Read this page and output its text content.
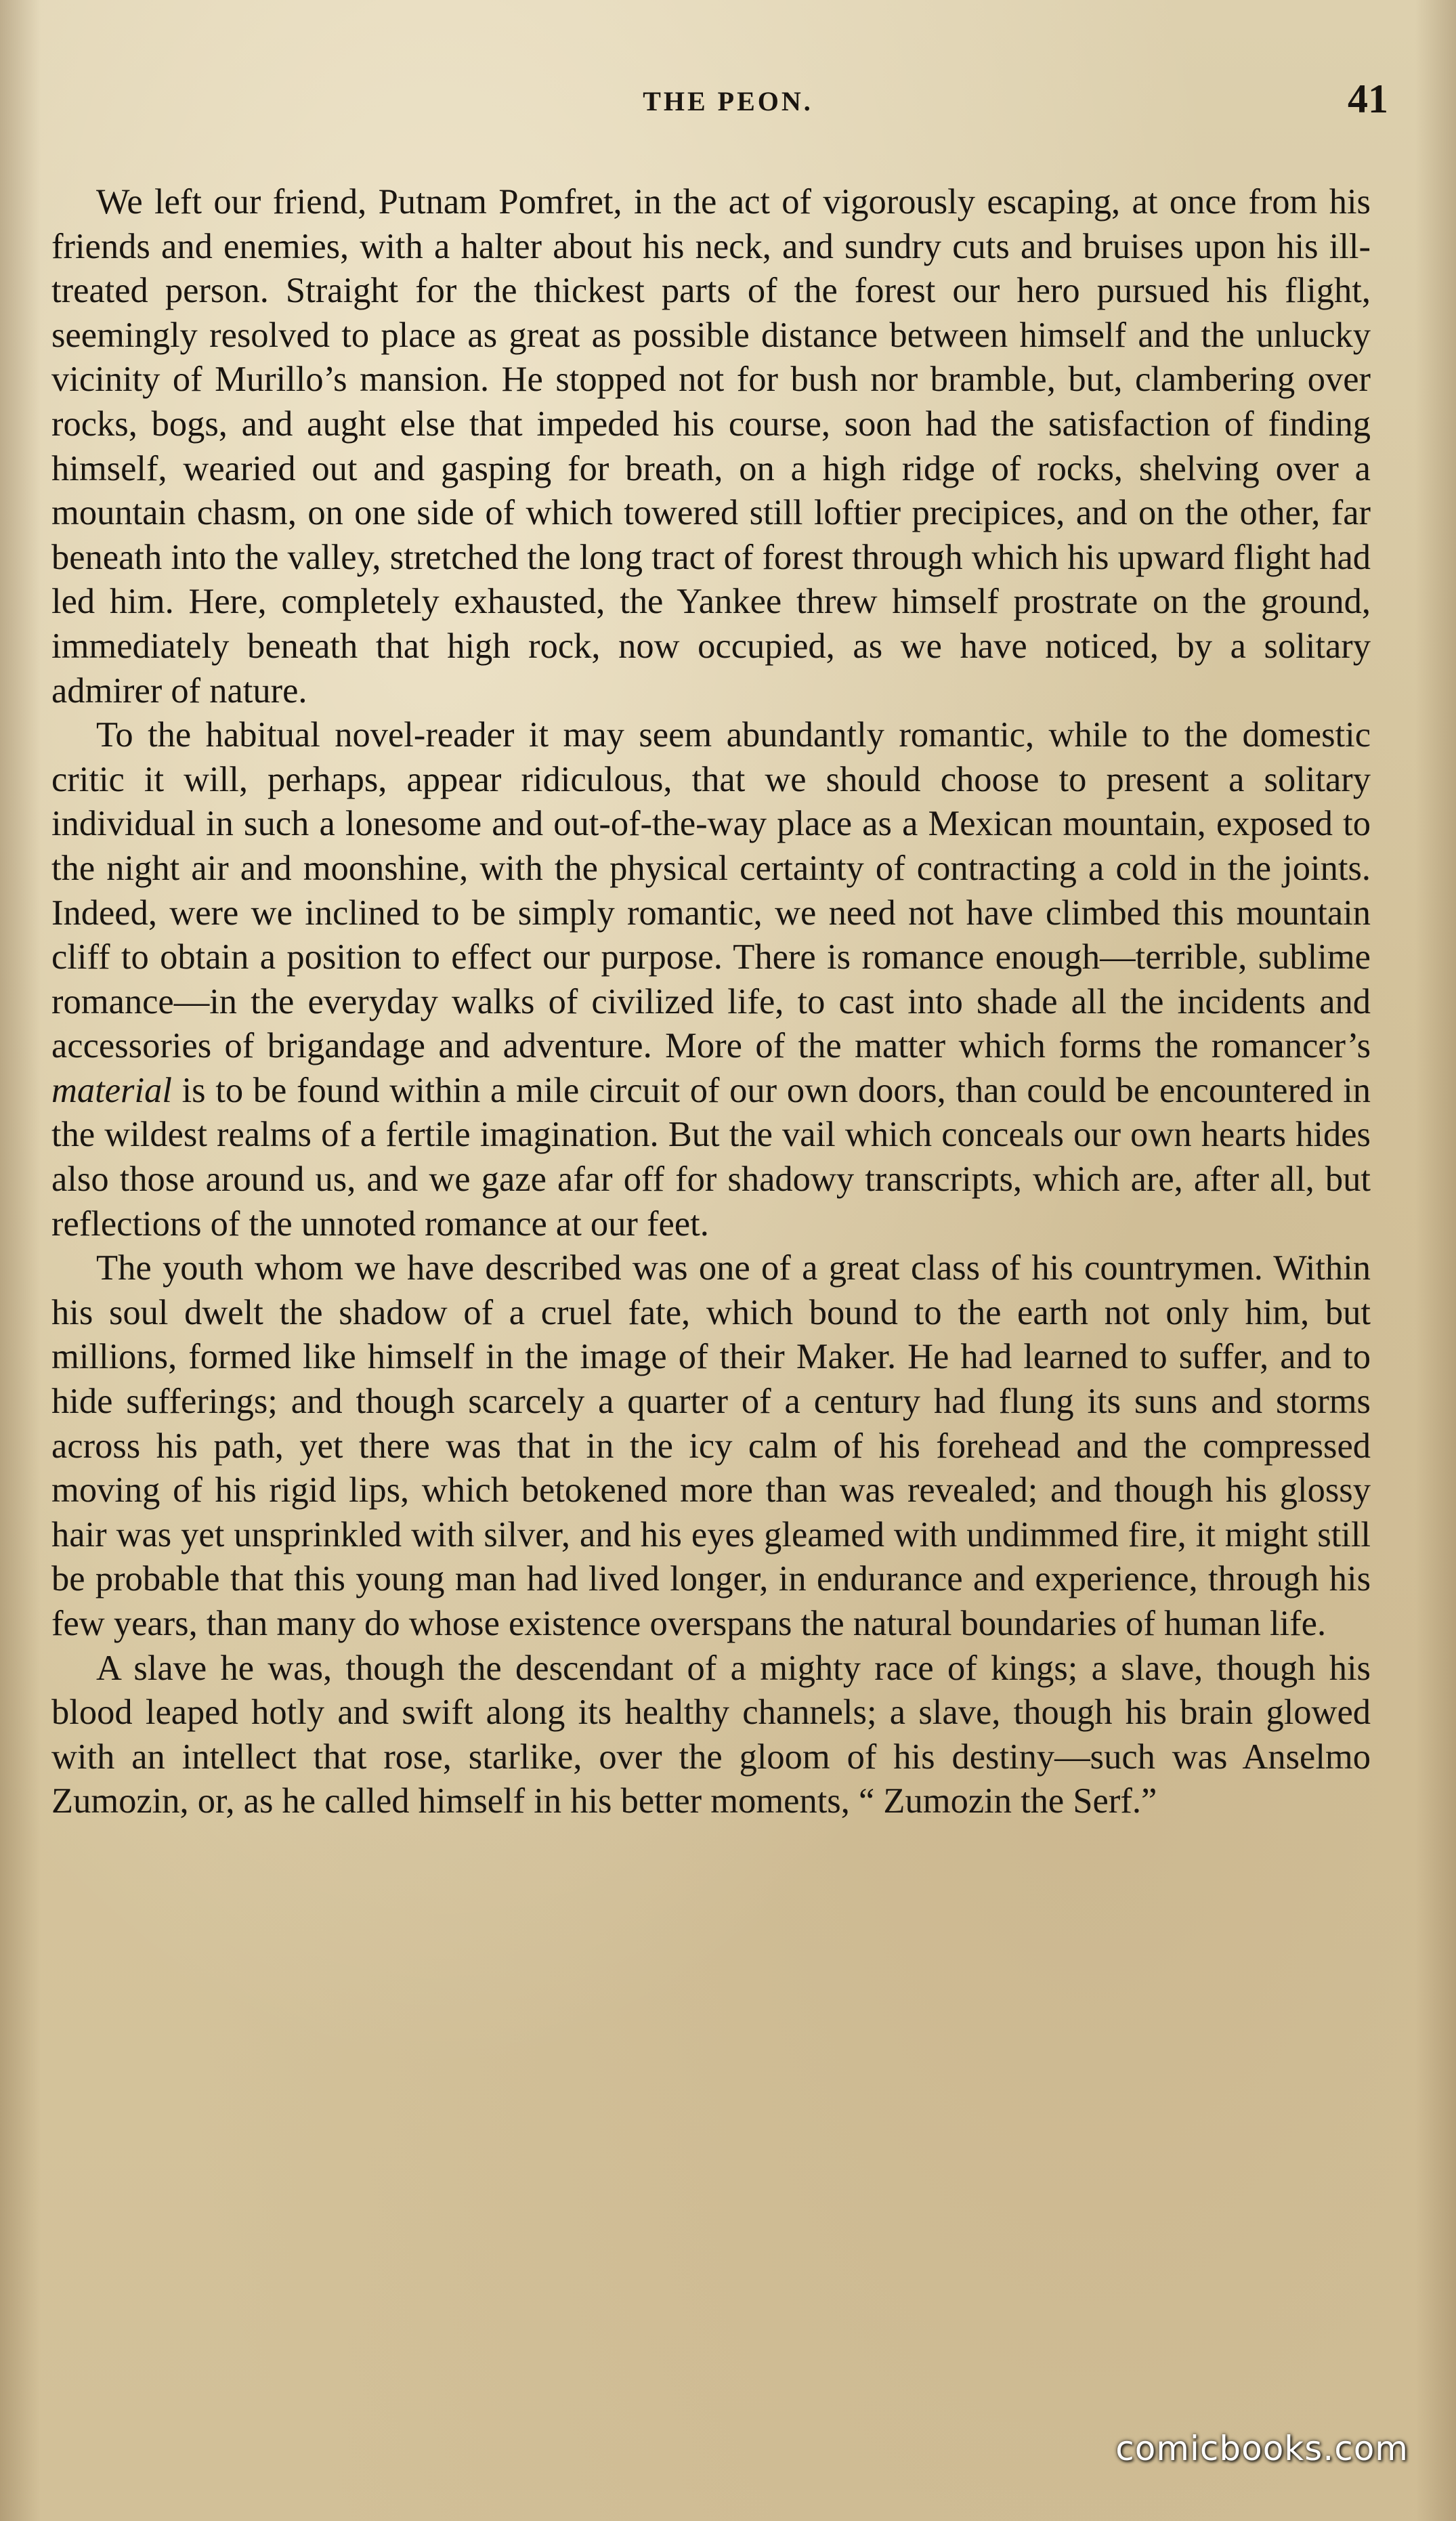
THE PEON.	41

We left our friend, Putnam Pomfret, in the act of vigorously escaping, at once from his friends and enemies, with a halter about his neck, and sundry cuts and bruises upon his ill-treated person. Straight for the thickest parts of the forest our hero pursued his flight, seemingly resolved to place as great as possible distance between himself and the unlucky vicinity of Murillo’s mansion. He stopped not for bush nor bramble, but, clambering over rocks, bogs, and aught else that impeded his course, soon had the satisfaction of finding himself, wearied out and gasping for breath, on a high ridge of rocks, shelving over a mountain chasm, on one side of which towered still loftier precipices, and on the other, far beneath into the valley, stretched the long tract of forest through which his upward flight had led him. Here, completely exhausted, the Yankee threw himself prostrate on the ground, immediately beneath that high rock, now occupied, as we have noticed, by a solitary admirer of nature.

To the habitual novel-reader it may seem abundantly romantic, while to the domestic critic it will, perhaps, appear ridiculous, that we should choose to present a solitary individual in such a lonesome and out-of-the-way place as a Mexican mountain, exposed to the night air and moonshine, with the physical certainty of contracting a cold in the joints. Indeed, were we inclined to be simply romantic, we need not have climbed this mountain cliff to obtain a position to effect our purpose. There is romance enough—terrible, sublime romance—in the everyday walks of civilized life, to cast into shade all the incidents and accessories of brigandage and adventure. More of the matter which forms the romancer’s material is to be found within a mile circuit of our own doors, than could be encountered in the wildest realms of a fertile imagination. But the vail which conceals our own hearts hides also those around us, and we gaze afar off for shadowy transcripts, which are, after all, but reflections of the unnoted romance at our feet.

The youth whom we have described was one of a great class of his countrymen. Within his soul dwelt the shadow of a cruel fate, which bound to the earth not only him, but millions, formed like himself in the image of their Maker. He had learned to suffer, and to hide sufferings; and though scarcely a quarter of a century had flung its suns and storms across his path, yet there was that in the icy calm of his forehead and the compressed moving of his rigid lips, which betokened more than was revealed; and though his glossy hair was yet unsprinkled with silver, and his eyes gleamed with undimmed fire, it might still be probable that this young man had lived longer, in endurance and experience, through his few years, than many do whose existence overspans the natural boundaries of human life.

A slave he was, though the descendant of a mighty race of kings; a slave, though his blood leaped hotly and swift along its healthy channels; a slave, though his brain glowed with an intellect that rose, starlike, over the gloom of his destiny—such was Anselmo Zumozin, or, as he called himself in his better moments, “ Zumozin the Serf.”

comicbooks.com
